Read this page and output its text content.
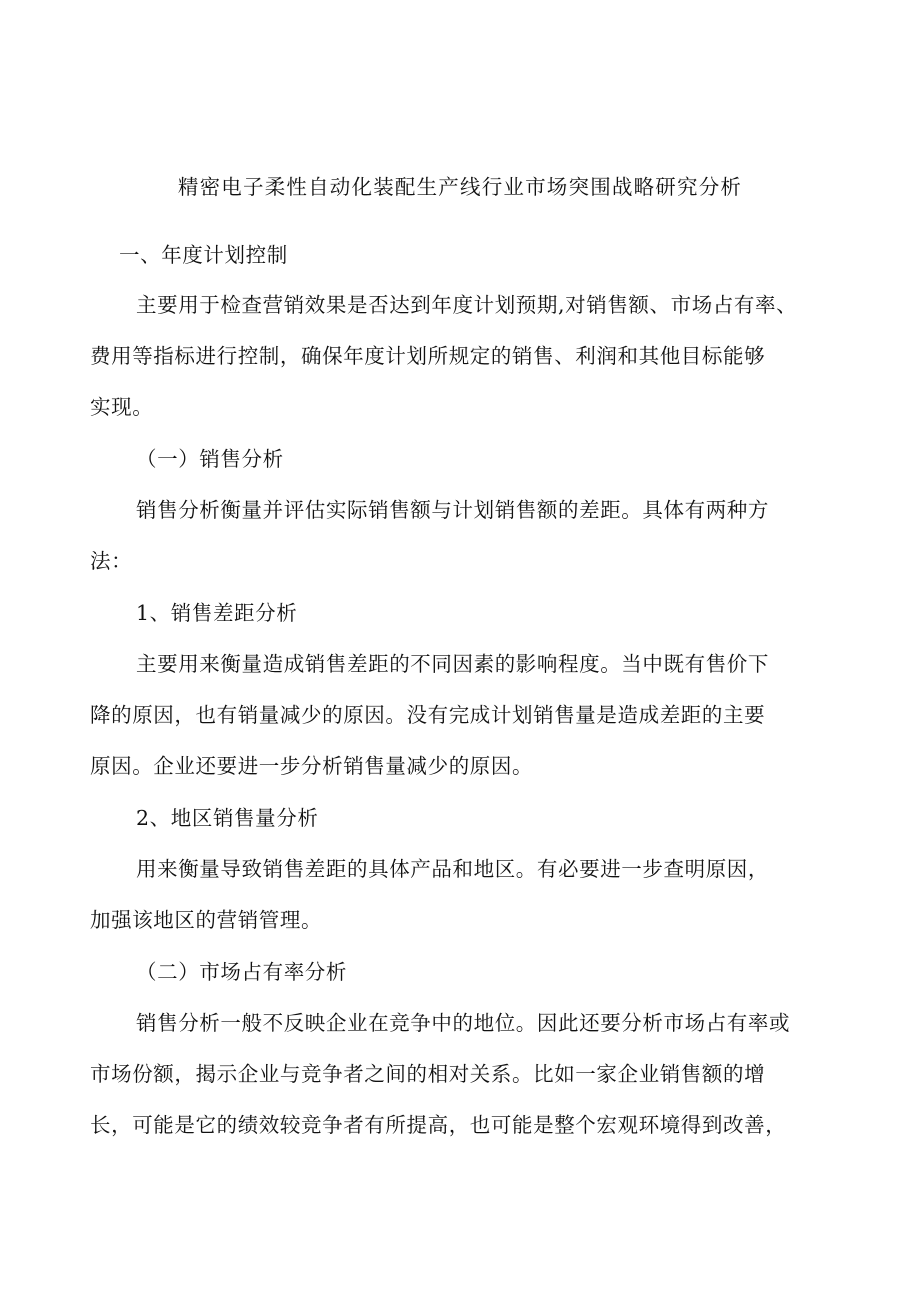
精密电子柔性自动化装配生产线行业市场突围战略研究分析
一、年度计划控制
主要用于检查营销效果是否达到年度计划预期,对销售额、市场占有率、
费用等指标进行控制，确保年度计划所规定的销售、利润和其他目标能够
实现。
（一）销售分析
销售分析衡量并评估实际销售额与计划销售额的差距。具体有两种方
法：
1、销售差距分析
主要用来衡量造成销售差距的不同因素的影响程度。当中既有售价下
降的原因，也有销量减少的原因。没有完成计划销售量是造成差距的主要
原因。企业还要进一步分析销售量减少的原因。
2、地区销售量分析
用来衡量导致销售差距的具体产品和地区。有必要进一步查明原因，
加强该地区的营销管理。
（二）市场占有率分析
销售分析一般不反映企业在竞争中的地位。因此还要分析市场占有率或
市场份额，揭示企业与竞争者之间的相对关系。比如一家企业销售额的增
长，可能是它的绩效较竞争者有所提高，也可能是整个宏观环境得到改善，
